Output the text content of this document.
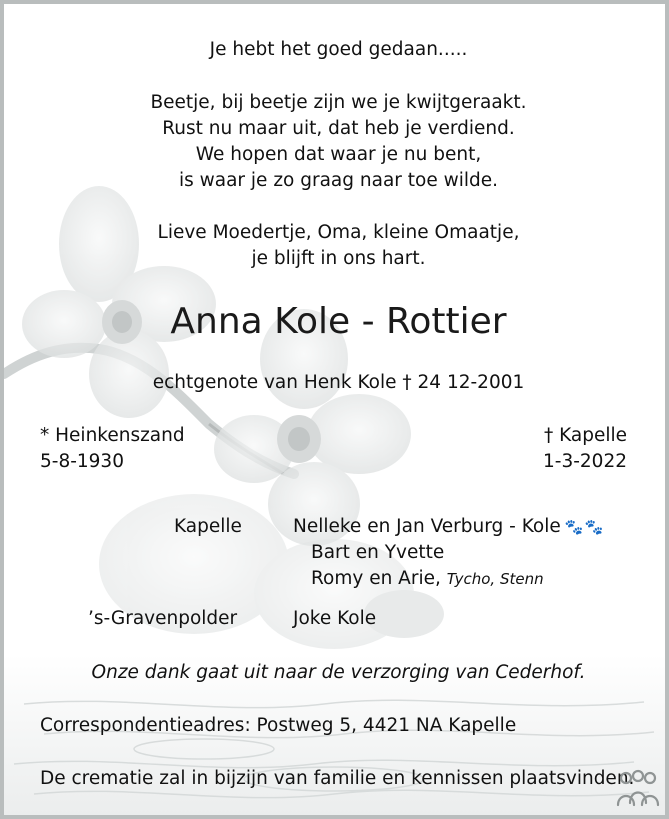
Je hebt het goed gedaan.....
Beetje, bij beetje zijn we je kwijtgeraakt.
Rust nu maar uit, dat heb je verdiend.
We hopen dat waar je nu bent,
is waar je zo graag naar toe wilde.
Lieve Moedertje, Oma, kleine Omaatje,
je blijft in ons hart.
Anna Kole - Rottier
echtgenote van Henk Kole † 24 12-2001
* Heinkenszand
5-8-1930
† Kapelle
1-3-2022
Kapelle	Nelleke en Jan Verburg - Kole 🐾🐾
Bart en Yvette
Romy en Arie, Tycho, Stenn
’s-Gravenpolder	Joke Kole
Onze dank gaat uit naar de verzorging van Cederhof.
Correspondentieadres: Postweg 5, 4421 NA Kapelle
De crematie zal in bijzijn van familie en kennissen plaatsvinden.
